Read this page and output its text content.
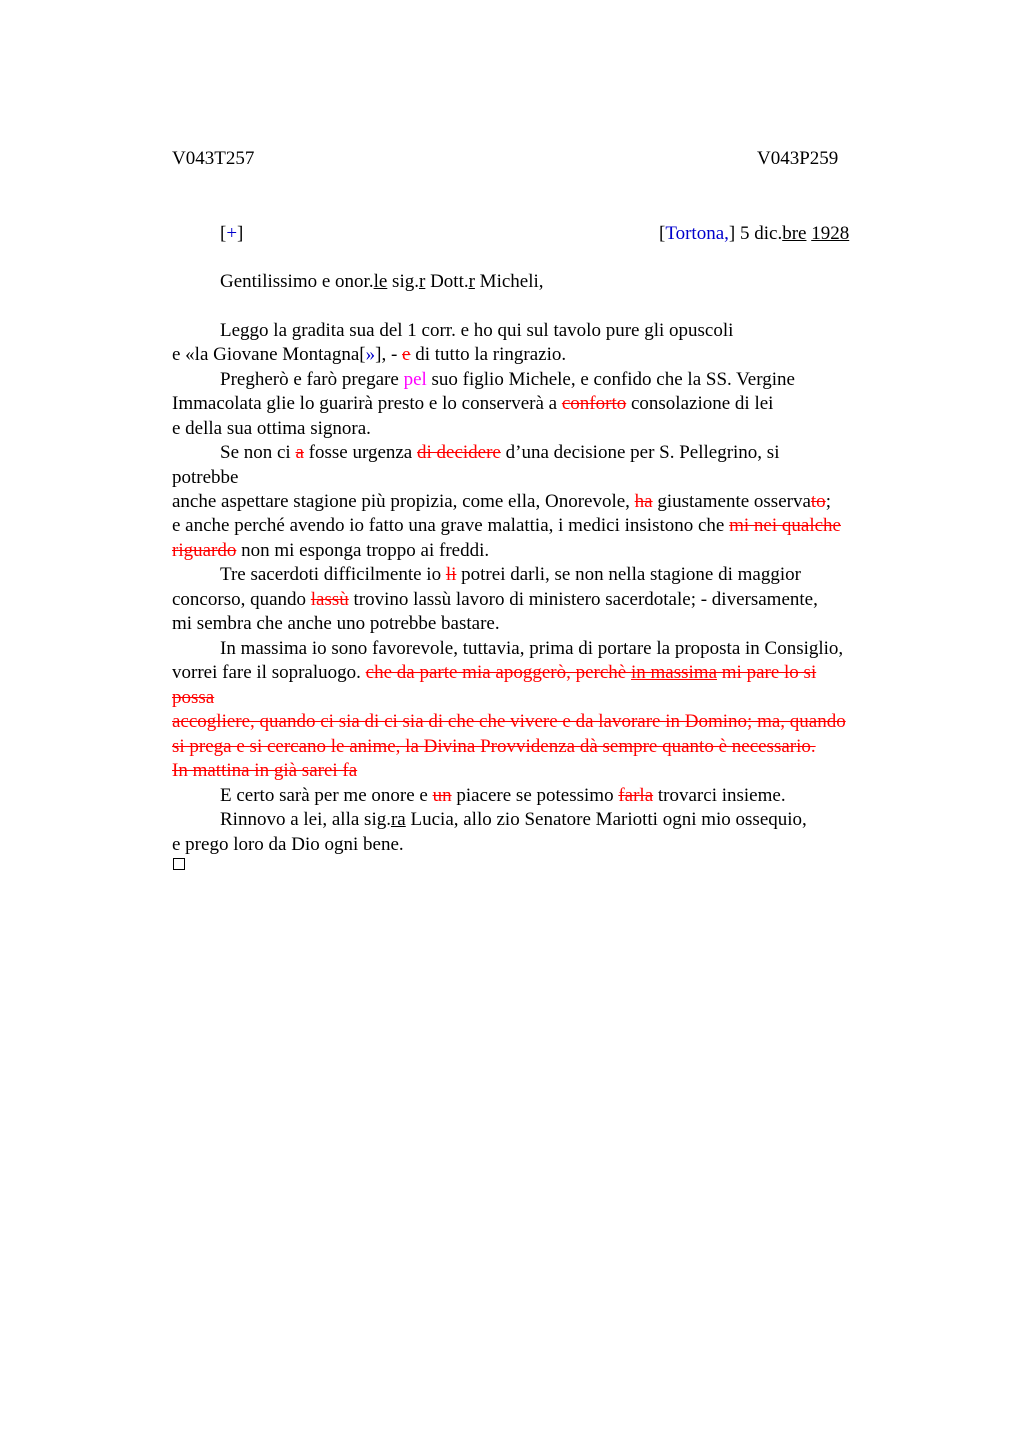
V043T257	V043P259
[+]	[Tortona,] 5 dic.bre 1928
Gentilissimo e onor.le sig.r Dott.r Micheli,
Leggo la gradita sua del 1 corr. e ho qui sul tavolo pure gli opuscoli
e «la Giovane Montagna[»], - e di tutto la ringrazio.
Pregherò e farò pregare pel suo figlio Michele, e confido che la SS. Vergine
Immacolata glie lo guarirà presto e lo conserverà a conforto consolazione di lei
e della sua ottima signora.
Se non ci a fosse urgenza di decidere d’una decisione per S. Pellegrino, si
potrebbe
anche aspettare stagione più propizia, come ella, Onorevole, ha giustamente osservato;
e anche perché avendo io fatto una grave malattia, i medici insistono che mi nei qualche
riguardo non mi esponga troppo ai freddi.
Tre sacerdoti difficilmente io li potrei darli, se non nella stagione di maggior
concorso, quando lassù trovino lassù lavoro di ministero sacerdotale; - diversamente,
mi sembra che anche uno potrebbe bastare.
In massima io sono favorevole, tuttavia, prima di portare la proposta in Consiglio,
vorrei fare il sopraluogo. che da parte mia apoggerò, perchè in massima mi pare lo si
possa
accogliere, quando ci sia di ci sia di che che vivere e da lavorare in Domino; ma, quando
si prega e si cercano le anime, la Divina Provvidenza dà sempre quanto è necessario.
In mattina in già sarei fa
E certo sarà per me onore e un piacere se potessimo farla trovarci insieme.
Rinnovo a lei, alla sig.ra Lucia, allo zio Senatore Mariotti ogni mio ossequio,
e prego loro da Dio ogni bene.
